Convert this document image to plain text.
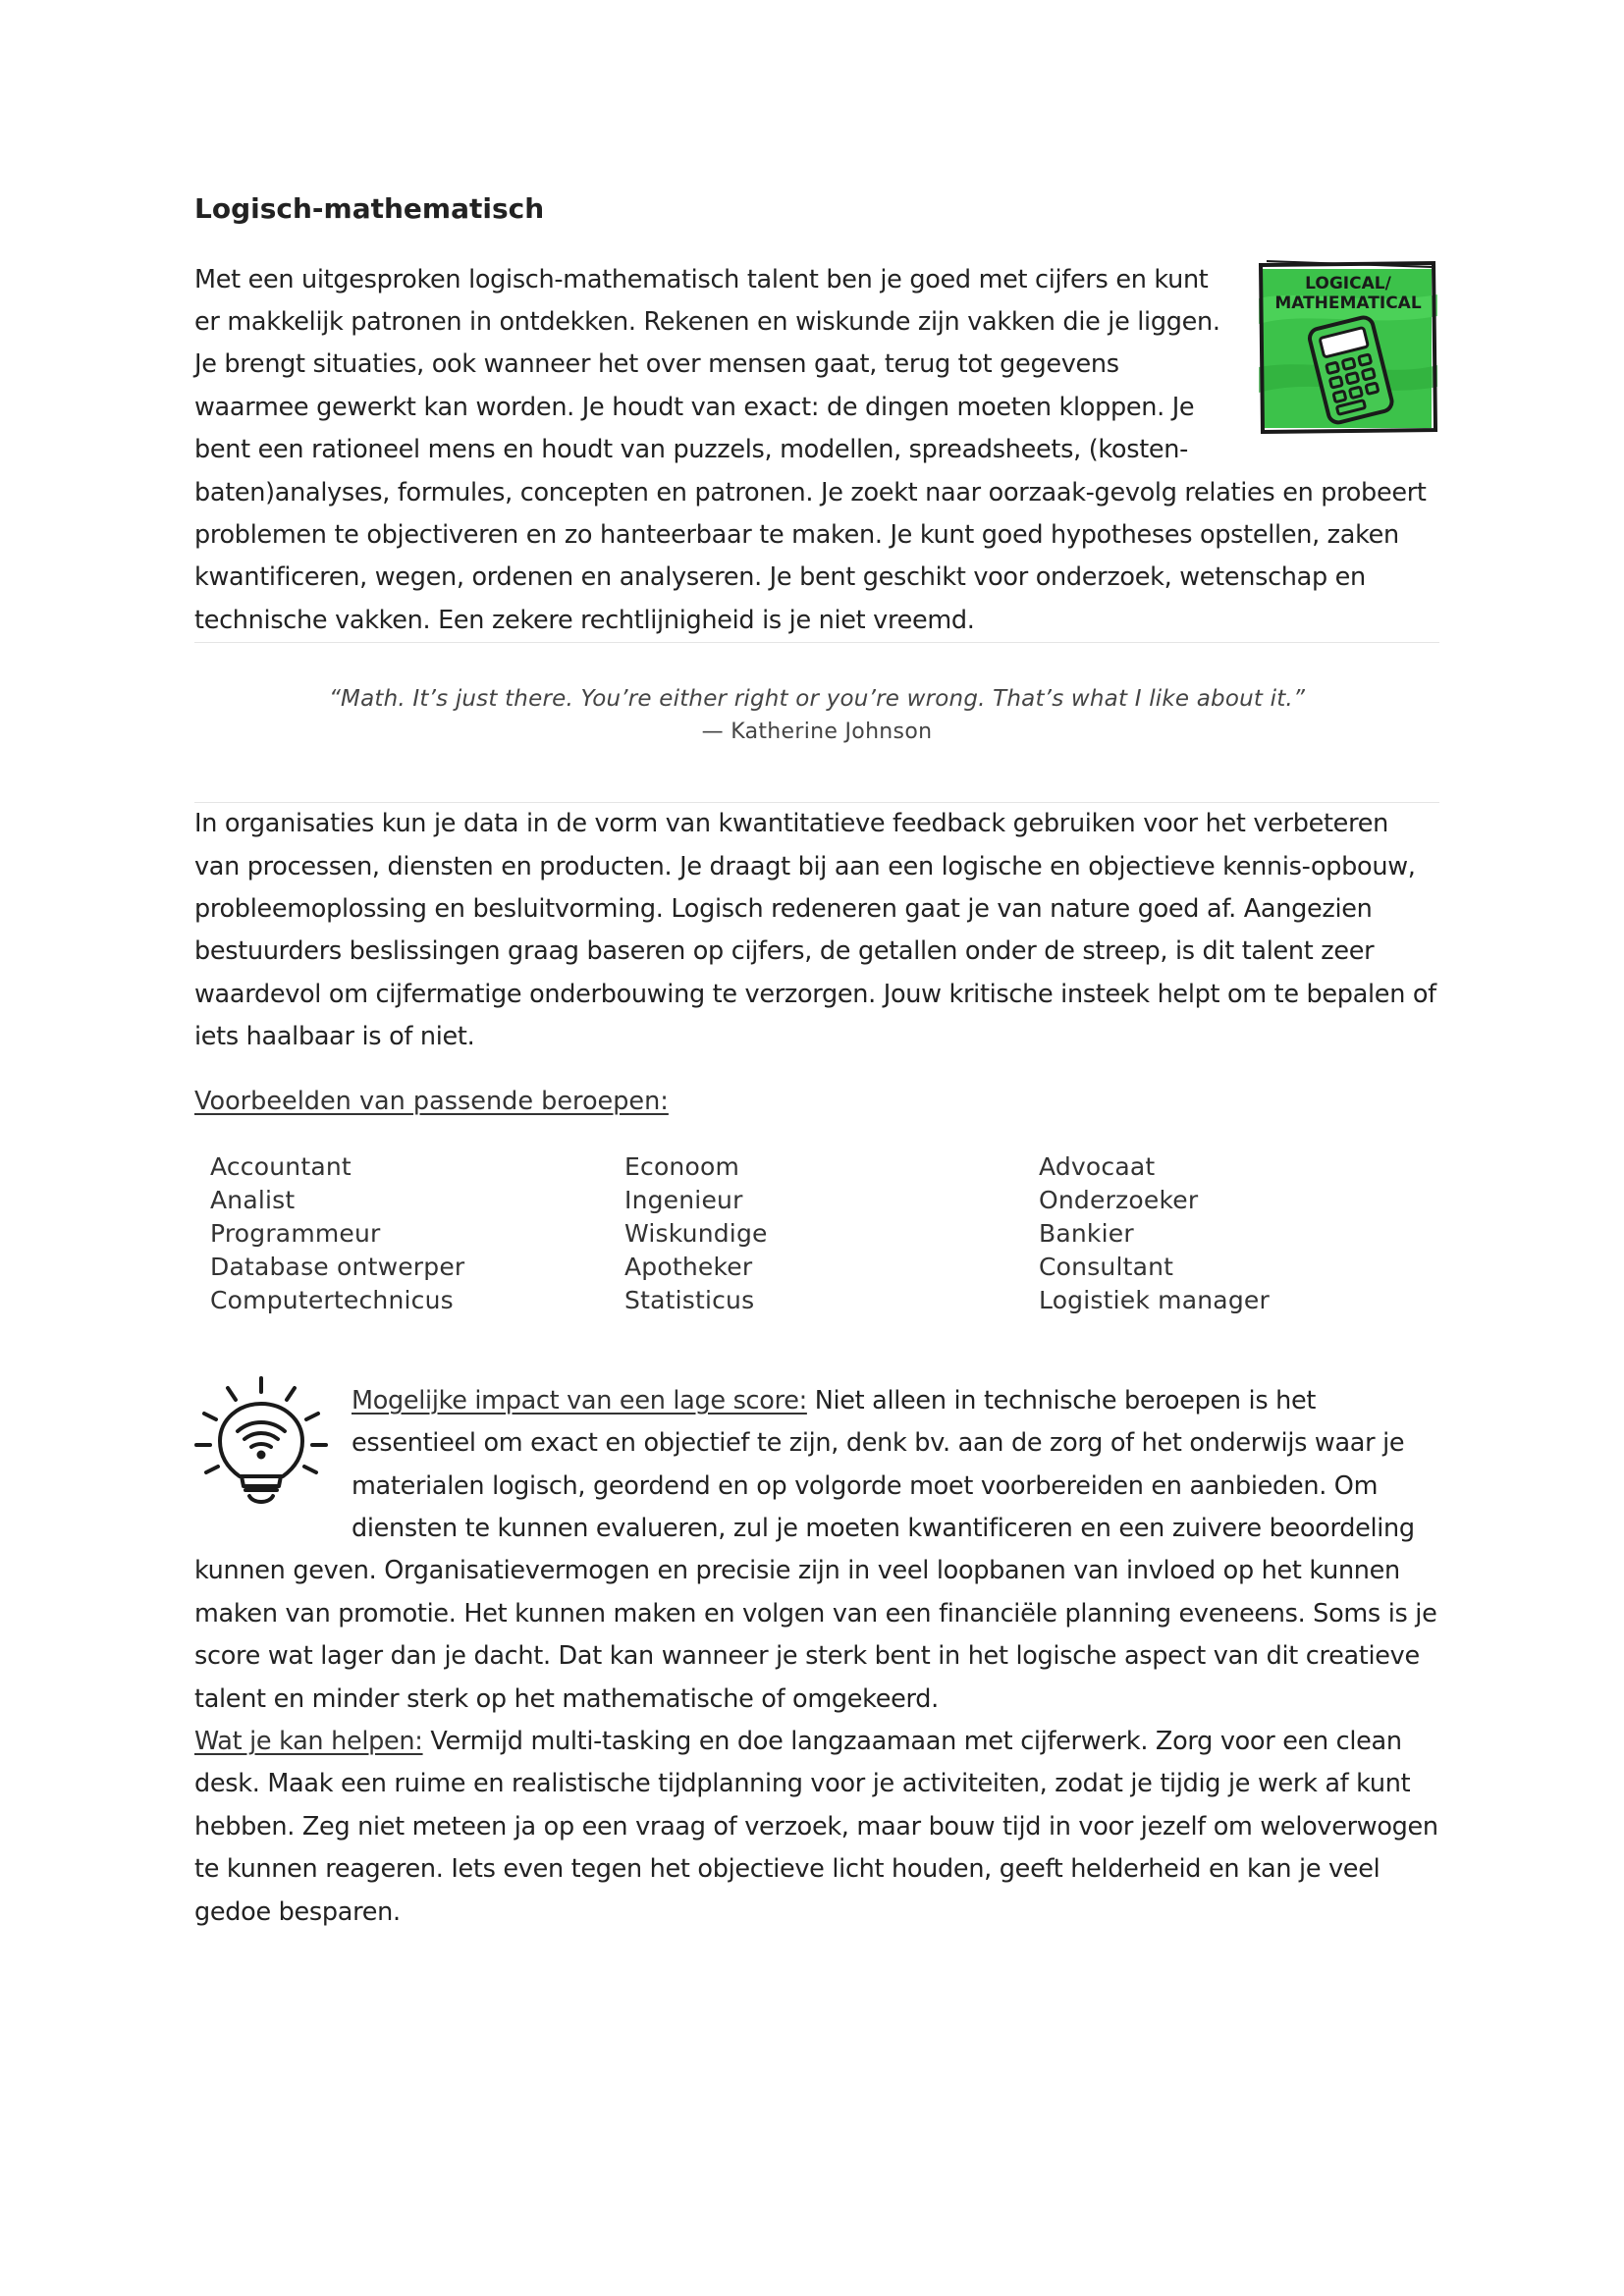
Logisch-mathematisch
LOGICAL/
MATHEMATICAL

Met een uitgesproken logisch-mathematisch talent ben je goed met cijfers en kunt er makkelijk patronen in ontdekken. Rekenen en wiskunde zijn vakken die je liggen. Je brengt situaties, ook wanneer het over mensen gaat, terug tot gegevens waarmee gewerkt kan worden. Je houdt van exact: de dingen moeten kloppen. Je bent een rationeel mens en houdt van puzzels, modellen, spreadsheets, (kosten-baten)analyses, formules, concepten en patronen. Je zoekt naar oorzaak-gevolg relaties en probeert problemen te objectiveren en zo hanteerbaar te maken. Je kunt goed hypotheses opstellen, zaken kwantificeren, wegen, ordenen en analyseren. Je bent geschikt voor onderzoek, wetenschap en technische vakken. Een zekere rechtlijnigheid is je niet vreemd.

“Math. It’s just there. You’re either right or you’re wrong. That’s what I like about it.”
— Katherine Johnson

In organisaties kun je data in de vorm van kwantitatieve feedback gebruiken voor het verbeteren van processen, diensten en producten. Je draagt bij aan een logische en objectieve kennis-opbouw, probleemoplossing en besluitvorming. Logisch redeneren gaat je van nature goed af. Aangezien bestuurders beslissingen graag baseren op cijfers, de getallen onder de streep, is dit talent zeer waardevol om cijfermatige onderbouwing te verzorgen. Jouw kritische insteek helpt om te bepalen of iets haalbaar is of niet.

Voorbeelden van passende beroepen:
Accountant
Analist
Programmeur
Database ontwerper
Computertechnicus
Econoom
Ingenieur
Wiskundige
Apotheker
Statisticus
Advocaat
Onderzoeker
Bankier
Consultant
Logistiek manager

Mogelijke impact van een lage score: Niet alleen in technische beroepen is het essentieel om exact en objectief te zijn, denk bv. aan de zorg of het onderwijs waar je materialen logisch, geordend en op volgorde moet voorbereiden en aanbieden. Om diensten te kunnen evalueren, zul je moeten kwantificeren en een zuivere beoordeling kunnen geven. Organisatievermogen en precisie zijn in veel loopbanen van invloed op het kunnen maken van promotie. Het kunnen maken en volgen van een financiële planning eveneens. Soms is je score wat lager dan je dacht. Dat kan wanneer je sterk bent in het logische aspect van dit creatieve talent en minder sterk op het mathematische of omgekeerd.

Wat je kan helpen: Vermijd multi-tasking en doe langzaamaan met cijferwerk. Zorg voor een clean desk. Maak een ruime en realistische tijdplanning voor je activiteiten, zodat je tijdig je werk af kunt hebben. Zeg niet meteen ja op een vraag of verzoek, maar bouw tijd in voor jezelf om weloverwogen te kunnen reageren. Iets even tegen het objectieve licht houden, geeft helderheid en kan je veel gedoe besparen.
